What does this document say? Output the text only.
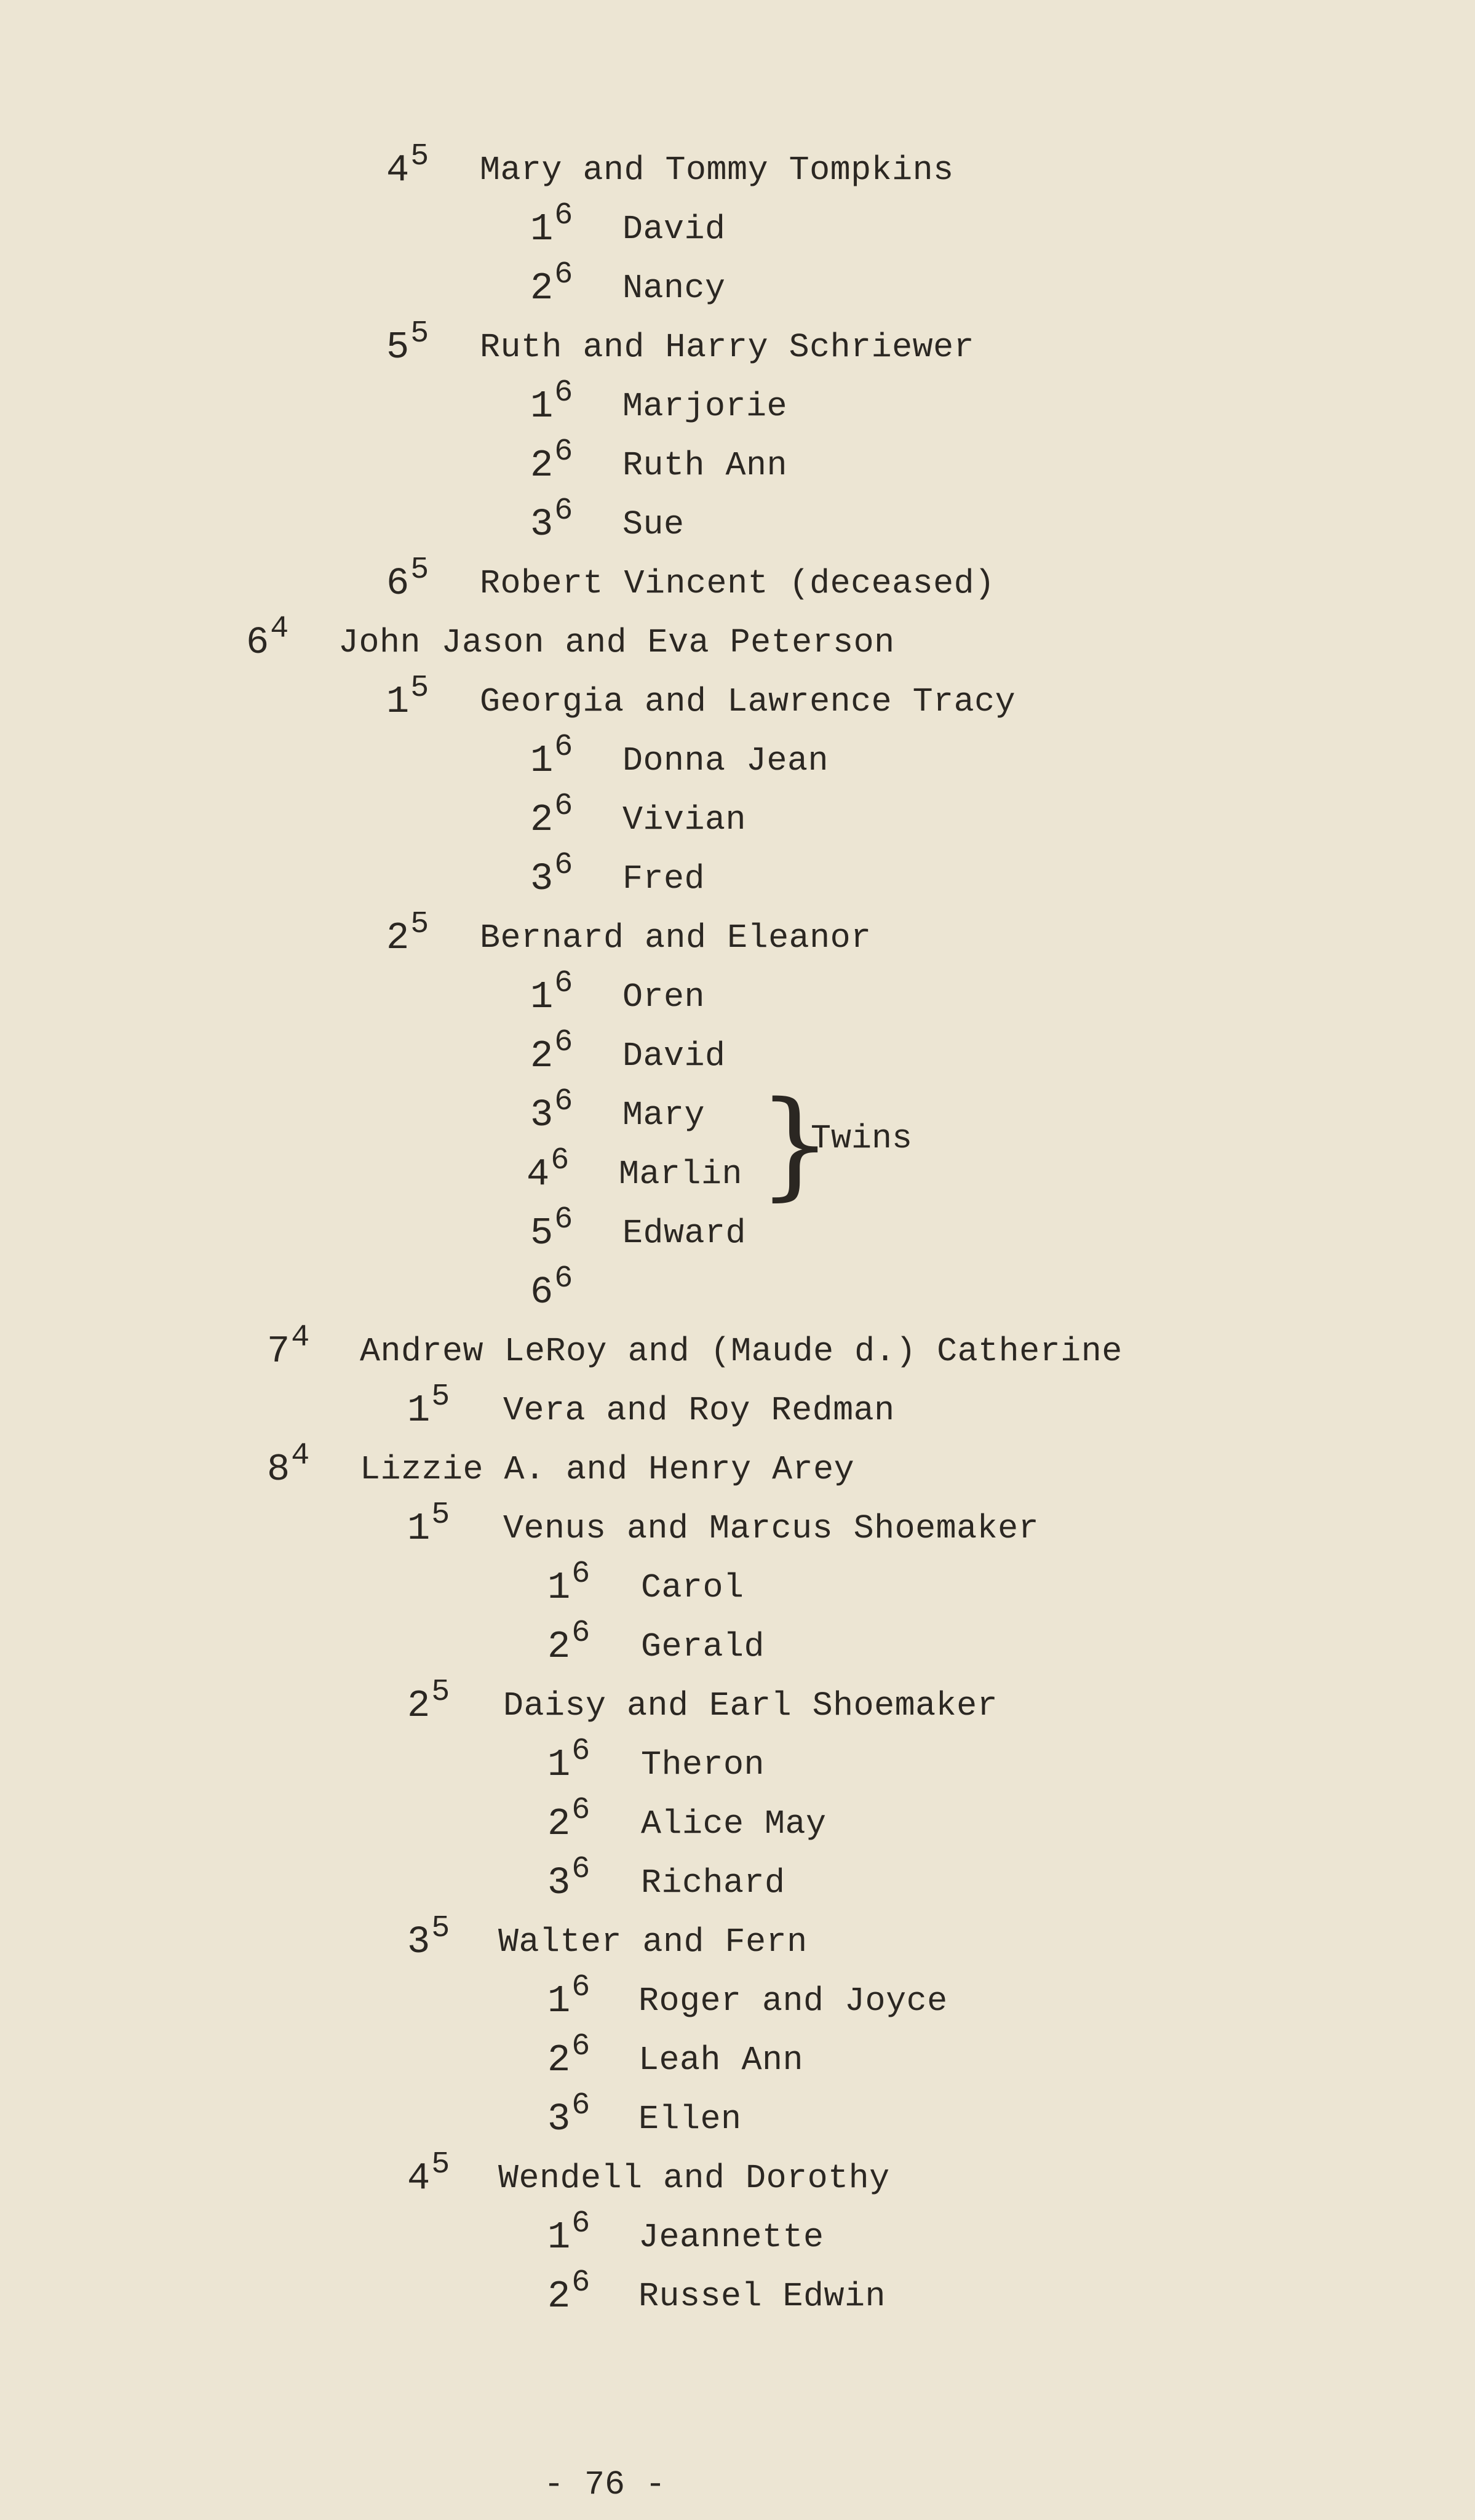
$4^5$ Mary and Tommy Tompkins
$1^6$ David
$2^6$ Nancy
$5^5$ Ruth and Harry Schriewer
$1^6$ Marjorie
$2^6$ Ruth Ann
$3^6$ Sue
$6^5$ Robert Vincent (deceased)
$6^4$ John Jason and Eva Peterson
$1^5$ Georgia and Lawrence Tracy
$1^6$ Donna Jean
$2^6$ Vivian
$3^6$ Fred
$2^5$ Bernard and Eleanor
$1^6$ Oren
$2^6$ David
$3^6$ Mary
$4^6$ Marlin
$5^6$ Edward
$6^6$
$7^4$ Andrew LeRoy and (Maude d.) Catherine
$1^5$ Vera and Roy Redman
$8^4$ Lizzie A. and Henry Arey
$1^5$ Venus and Marcus Shoemaker
$1^6$ Carol
$2^6$ Gerald
$2^5$ Daisy and Earl Shoemaker
$1^6$ Theron
$2^6$ Alice May
$3^6$ Richard
$3^5$ Walter and Fern
$1^6$ Roger and Joyce
$2^6$ Leah Ann
$3^6$ Ellen
$4^5$ Wendell and Dorothy
$1^6$ Jeannette
$2^6$ Russel Edwin
}
Twins
- 76 -
